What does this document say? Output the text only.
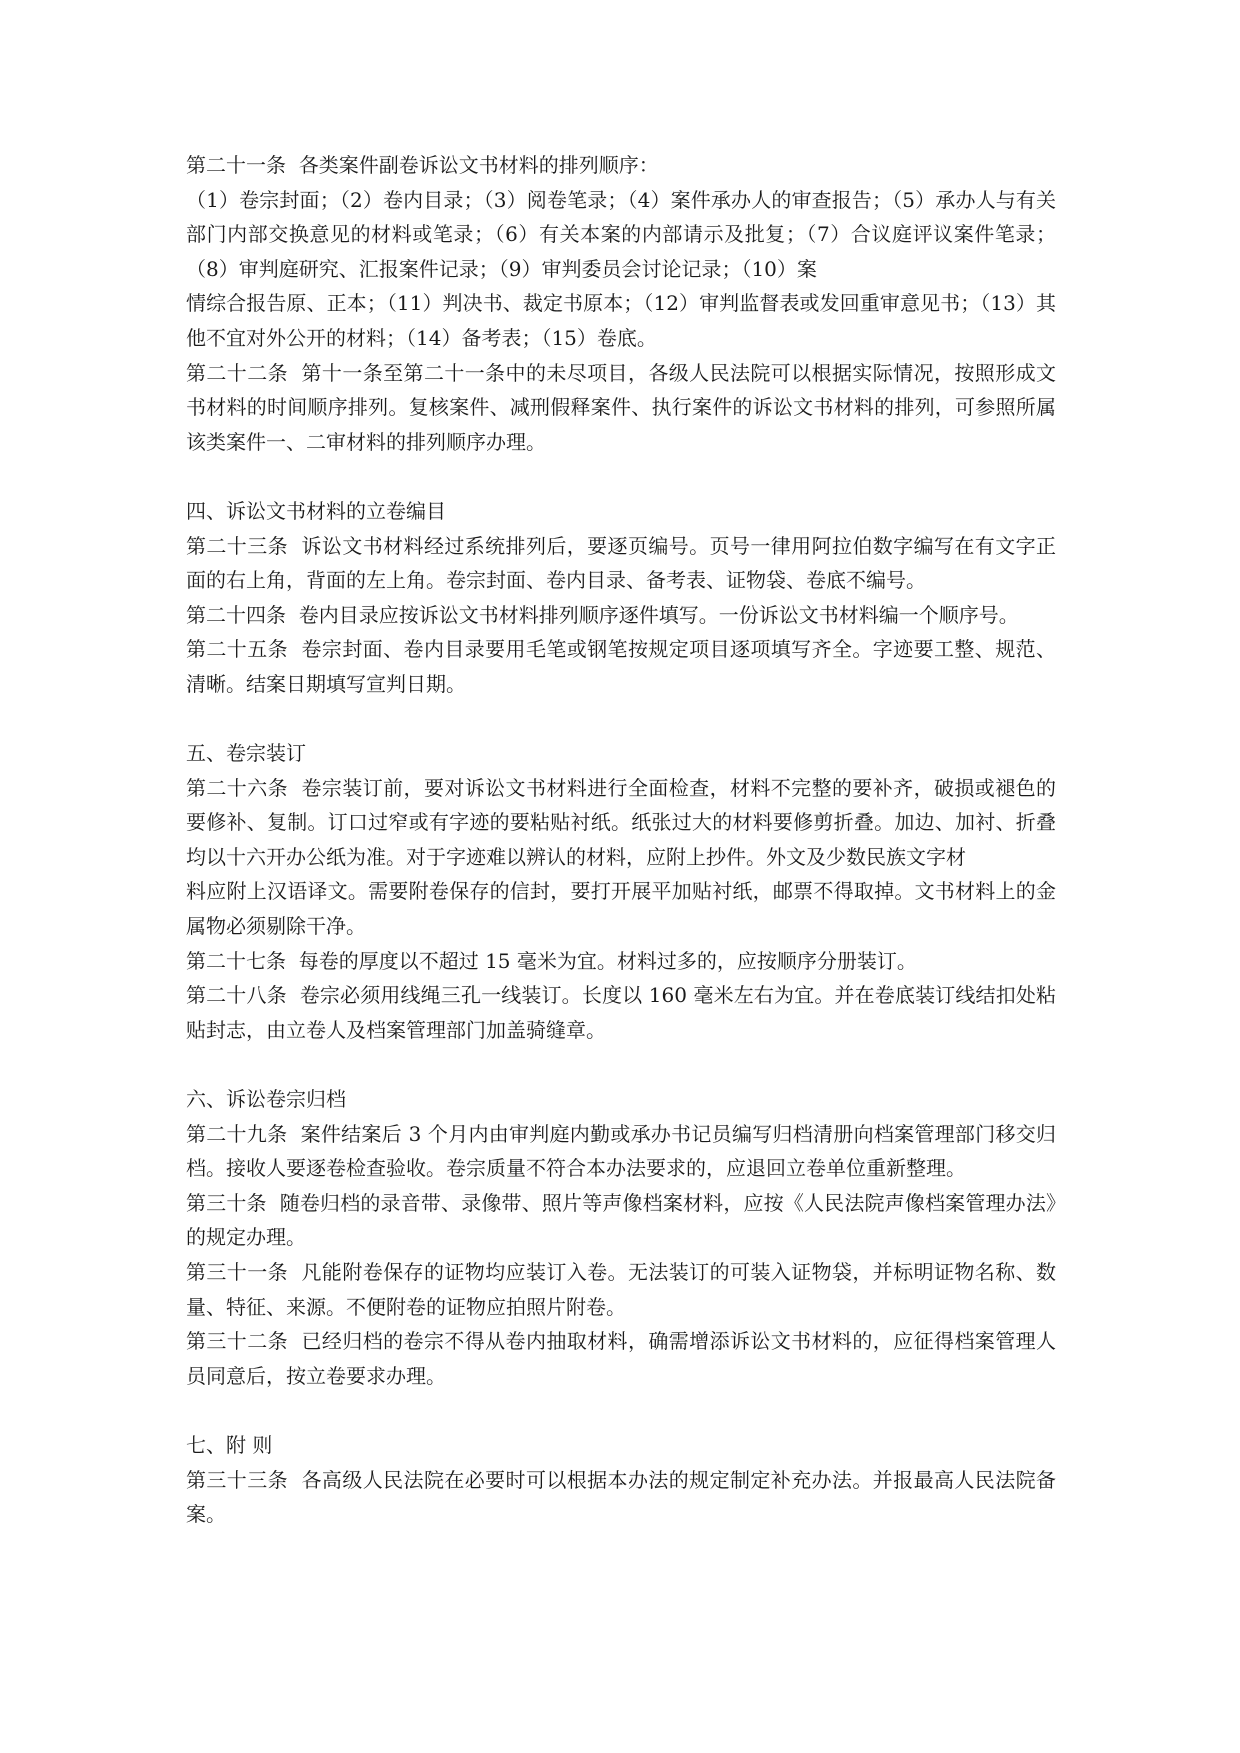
第二十一条  各类案件副卷诉讼文书材料的排列顺序：

（1）卷宗封面；（2）卷内目录；（3）阅卷笔录；（4）案件承办人的审查报告；（5）承办人与有关部门内部交换意见的材料或笔录；（6）有关本案的内部请示及批复；（7）合议庭评议案件笔录；（8）审判庭研究、汇报案件记录；（9）审判委员会讨论记录；（10）案

情综合报告原、正本；（11）判决书、裁定书原本；（12）审判监督表或发回重审意见书；（13）其他不宜对外公开的材料；（14）备考表；（15）卷底。

第二十二条  第十一条至第二十一条中的未尽项目，各级人民法院可以根据实际情况，按照形成文书材料的时间顺序排列。复核案件、减刑假释案件、执行案件的诉讼文书材料的排列，可参照所属该类案件一、二审材料的排列顺序办理。

四、诉讼文书材料的立卷编目

第二十三条  诉讼文书材料经过系统排列后，要逐页编号。页号一律用阿拉伯数字编写在有文字正面的右上角，背面的左上角。卷宗封面、卷内目录、备考表、证物袋、卷底不编号。

第二十四条  卷内目录应按诉讼文书材料排列顺序逐件填写。一份诉讼文书材料编一个顺序号。

第二十五条  卷宗封面、卷内目录要用毛笔或钢笔按规定项目逐项填写齐全。字迹要工整、规范、清晰。结案日期填写宣判日期。

五、卷宗装订

第二十六条  卷宗装订前，要对诉讼文书材料进行全面检查，材料不完整的要补齐，破损或褪色的要修补、复制。订口过窄或有字迹的要粘贴衬纸。纸张过大的材料要修剪折叠。加边、加衬、折叠均以十六开办公纸为准。对于字迹难以辨认的材料，应附上抄件。外文及少数民族文字材

料应附上汉语译文。需要附卷保存的信封，要打开展平加贴衬纸，邮票不得取掉。文书材料上的金属物必须剔除干净。

第二十七条  每卷的厚度以不超过 15 毫米为宜。材料过多的，应按顺序分册装订。

第二十八条  卷宗必须用线绳三孔一线装订。长度以 160 毫米左右为宜。并在卷底装订线结扣处粘贴封志，由立卷人及档案管理部门加盖骑缝章。

六、诉讼卷宗归档

第二十九条  案件结案后 3 个月内由审判庭内勤或承办书记员编写归档清册向档案管理部门移交归档。接收人要逐卷检查验收。卷宗质量不符合本办法要求的，应退回立卷单位重新整理。

第三十条  随卷归档的录音带、录像带、照片等声像档案材料，应按《人民法院声像档案管理办法》的规定办理。

第三十一条  凡能附卷保存的证物均应装订入卷。无法装订的可装入证物袋，并标明证物名称、数量、特征、来源。不便附卷的证物应拍照片附卷。

第三十二条  已经归档的卷宗不得从卷内抽取材料，确需增添诉讼文书材料的，应征得档案管理人员同意后，按立卷要求办理。

七、附 则

第三十三条  各高级人民法院在必要时可以根据本办法的规定制定补充办法。并报最高人民法院备案。
